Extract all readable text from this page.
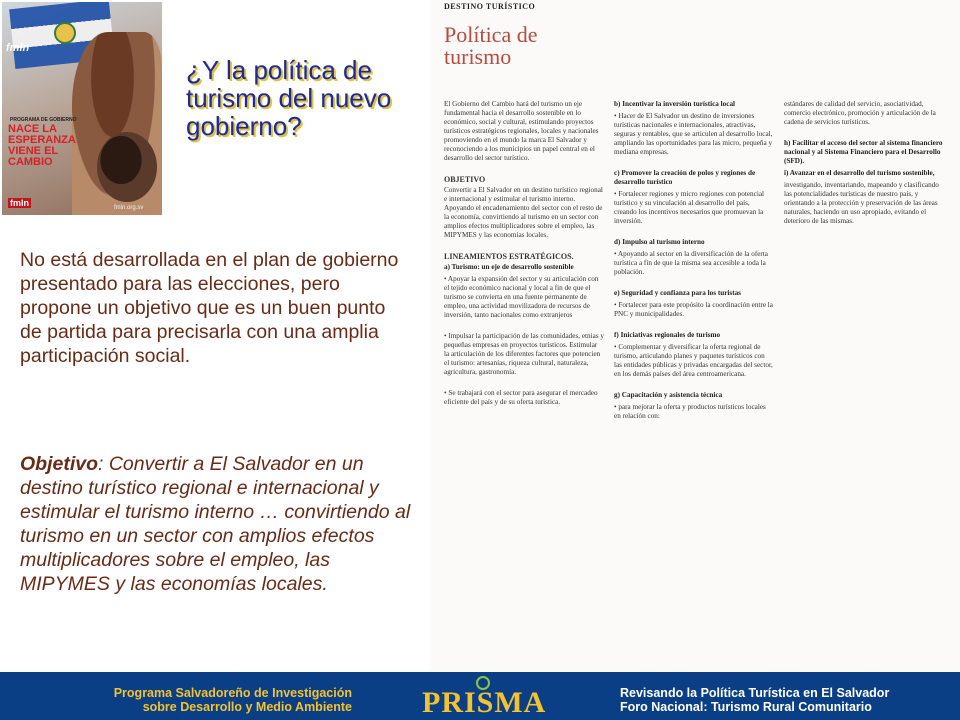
fmln
PROGRAMA DE GOBIERNO
NACE LA ESPERANZA VIENE EL CAMBIO
fmln	fmln.org.sv
¿Y la política de turismo del nuevo gobierno?
No está desarrollada en el plan de gobierno presentado para las elecciones, pero propone un objetivo que es un buen punto de partida para precisarla con una amplia participación social.
Objetivo: Convertir a El Salvador en un destino turístico regional e internacional y estimular el turismo interno … convirtiendo al turismo en un sector con amplios efectos multiplicadores sobre el empleo, las MIPYMES y las economías locales.
DESTINO TURÍSTICO
Política de turismo

El Gobierno del Cambio hará del turismo un eje fundamental hacia el desarrollo sostenible en lo económico, social y cultural, estimulando proyectos turísticos estratégicos regionales, locales y nacionales promoviendo en el mundo la marca El Salvador y reconociendo a los municipios un papel central en el desarrollo del sector turístico.

OBJETIVO

Convertir a El Salvador en un destino turístico regional e internacional y estimular el turismo interno. Apoyando el encadenamiento del sector con el resto de la economía, convirtiendo al turismo en un sector con amplios efectos multiplicadores sobre el empleo, las MIPYMES y las economías locales.

LINEAMIENTOS ESTRATÉGICOS.
a) Turismo: un eje de desarrollo sostenible

• Apoyar la expansión del sector y su articulación con el tejido económico nacional y local a fin de que el turismo se convierta en una fuente permanente de empleo, una actividad movilizadora de recursos de inversión, tanto nacionales como extranjeros

• Impulsar la participación de las comunidades, etnias y pequeñas empresas en proyectos turísticos. Estimular la articulación de los diferentes factores que potencien el turismo: artesanías, riqueza cultural, naturaleza, agricultura, gastronomía.

• Se trabajará con el sector para asegurar el mercadeo eficiente del país y de su oferta turística.

b) Incentivar la inversión turística local

• Hacer de El Salvador un destino de inversiones turísticas nacionales e internacionales, atractivas, seguras y rentables, que se articulen al desarrollo local, ampliando las oportunidades para las micro, pequeña y mediana empresas.

c) Promover la creación de polos y regiones de desarrollo turístico

• Fortalecer regiones y micro regiones con potencial turístico y su vinculación al desarrollo del país, creando los incentivos necesarios que promuevan la inversión.

d) Impulso al turismo interno

• Apoyando al sector en la diversificación de la oferta turística a fin de que la misma sea accesible a toda la población.

e) Seguridad y confianza para los turistas

• Fortalecer para este propósito la coordinación entre la PNC y municipalidades.

f) Iniciativas regionales de turismo

• Complementar y diversificar la oferta regional de turismo, articulando planes y paquetes turísticos con las entidades públicas y privadas encargadas del sector, en los demás países del área centroamericana.

g) Capacitación y asistencia técnica

• para mejorar la oferta y productos turísticos locales en relación con:

estándares de calidad del servicio, asociatividad, comercio electrónico, promoción y articulación de la cadena de servicios turísticos.

h) Facilitar el acceso del sector al sistema financiero nacional y al Sistema Financiero para el Desarrollo (SFD).

i) Avanzar en el desarrollo del turismo sostenible,

investigando, inventariando, mapeando y clasificando las potencialidades turísticas de nuestro país, y orientando a la protección y preservación de las áreas naturales, haciendo un uso apropiado, evitando el deterioro de las mismas.

Programa Salvadoreño de Investigación
sobre Desarrollo y Medio Ambiente PRISMA	Revisando la Política Turística en El Salvador
Foro Nacional: Turismo Rural Comunitario
